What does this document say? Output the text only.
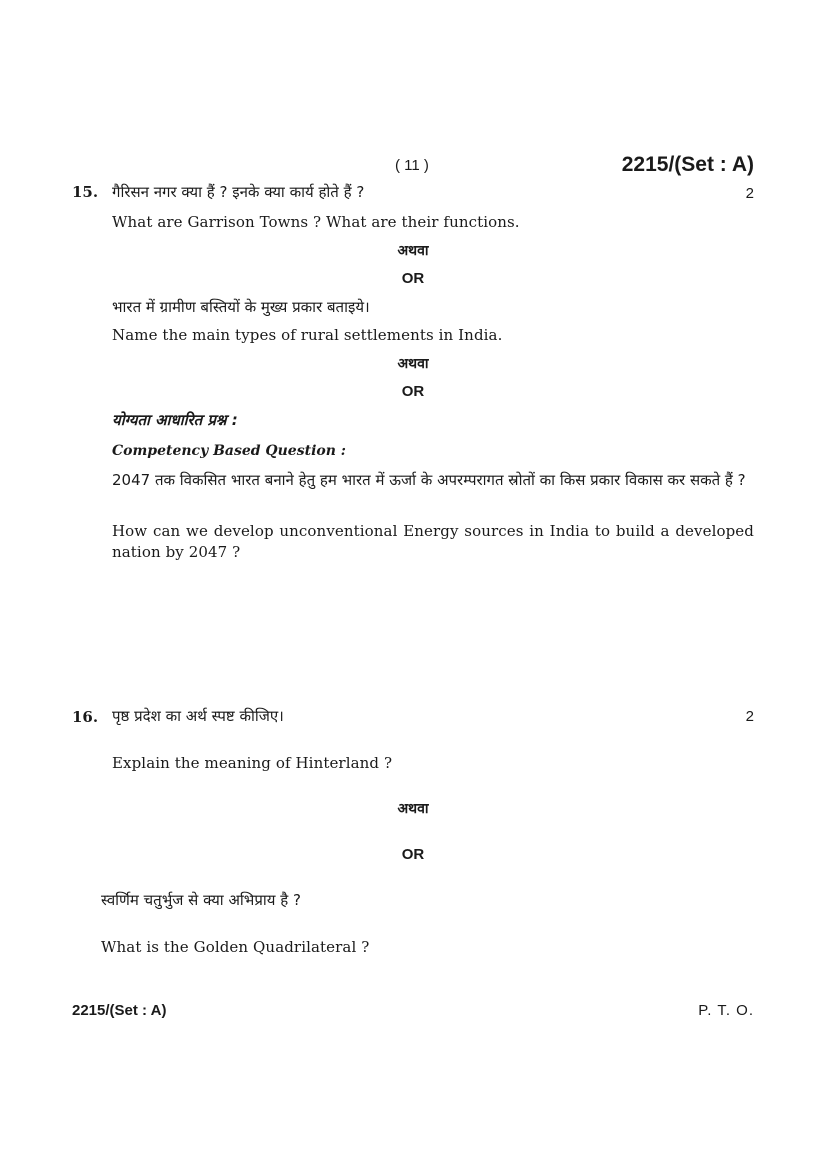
( 11 )	2215/(Set : A)
15. गैरिसन नगर क्या हैं ? इनके क्या कार्य होते हैं ?	2
What are Garrison Towns ? What are their functions.
अथवा
OR
भारत में ग्रामीण बस्तियों के मुख्य प्रकार बताइये।
Name the main types of rural settlements in India.
अथवा
OR
योग्यता आधारित प्रश्न :
Competency Based Question :
2047 तक विकसित भारत बनाने हेतु हम भारत में ऊर्जा के अपरम्परागत स्रोतों का किस प्रकार विकास कर सकते हैं ?
How can we develop unconventional Energy sources in India to build a developed nation by 2047 ?
16. पृष्ठ प्रदेश का अर्थ स्पष्ट कीजिए।	2
Explain the meaning of Hinterland ?
अथवा
OR
स्वर्णिम चतुर्भुज से क्या अभिप्राय है ?
What is the Golden Quadrilateral ?
2215/(Set : A)	P. T. O.
